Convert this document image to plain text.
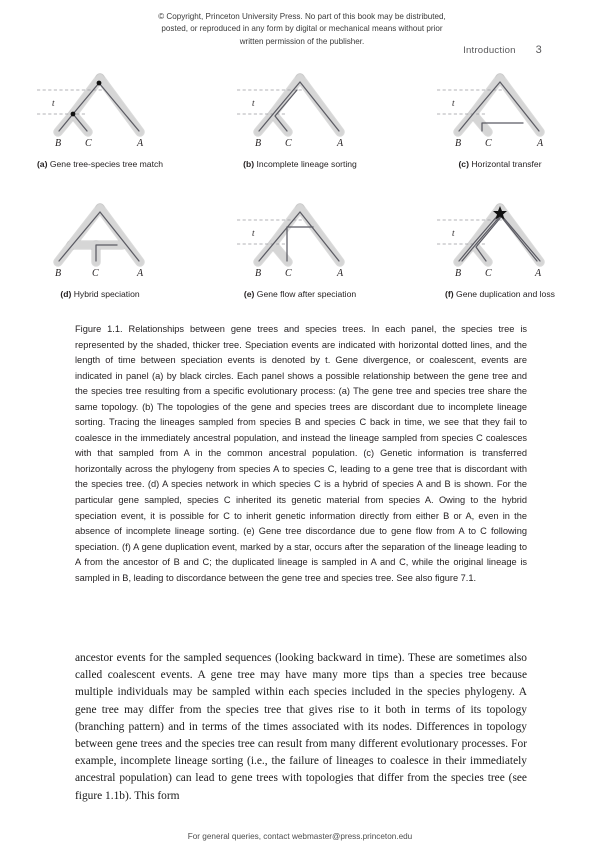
© Copyright, Princeton University Press. No part of this book may be distributed, posted, or reproduced in any form by digital or mechanical means without prior written permission of the publisher.
Introduction 3
t
B C	A
(a) Gene tree-species tree match
t
B C	A
(b) Incomplete lineage sorting
t
B C	A
(c) Horizontal transfer
B	C	A
(d) Hybrid speciation
t
B C	A
(e) Gene flow after speciation
t
B C	A
(f) Gene duplication and loss
Figure 1.1. Relationships between gene trees and species trees. In each panel, the species tree is represented by the shaded, thicker tree. Speciation events are indicated with horizontal dotted lines, and the length of time between speciation events is denoted by t. Gene divergence, or coalescent, events are indicated in panel (a) by black circles. Each panel shows a possible relationship between the gene tree and the species tree resulting from a specific evolutionary process: (a) The gene tree and species tree share the same topology. (b) The topologies of the gene and species trees are discordant due to incomplete lineage sorting. Tracing the lineages sampled from species B and species C back in time, we see that they fail to coalesce in the immediately ancestral population, and instead the lineage sampled from species C coalesces with that sampled from A in the common ancestral population. (c) Genetic information is transferred horizontally across the phylogeny from species A to species C, leading to a gene tree that is discordant with the species tree. (d) A species network in which species C is a hybrid of species A and B is shown. For the particular gene sampled, species C inherited its genetic material from species A. Owing to the hybrid speciation event, it is possible for C to inherit genetic information directly from either B or A, even in the absence of incomplete lineage sorting. (e) Gene tree discordance due to gene flow from A to C following speciation. (f) A gene duplication event, marked by a star, occurs after the separation of the lineage leading to A from the ancestor of B and C; the duplicated lineage is sampled in A and C, while the original lineage is sampled in B, leading to discordance between the gene tree and species tree. See also figure 7.1.
ancestor events for the sampled sequences (looking backward in time). These are sometimes also called coalescent events. A gene tree may have many more tips than a species tree because multiple individuals may be sampled within each species included in the species phylogeny. A gene tree may differ from the species tree that gives rise to it both in terms of its topology (branching pattern) and in terms of the times associated with its nodes. Differences in topology between gene trees and the species tree can result from many different evolutionary processes. For example, incomplete lineage sorting (i.e., the failure of lineages to coalesce in their immediately ancestral population) can lead to gene trees with topologies that differ from the species tree (see figure 1.1b). This form
For general queries, contact webmaster@press.princeton.edu
